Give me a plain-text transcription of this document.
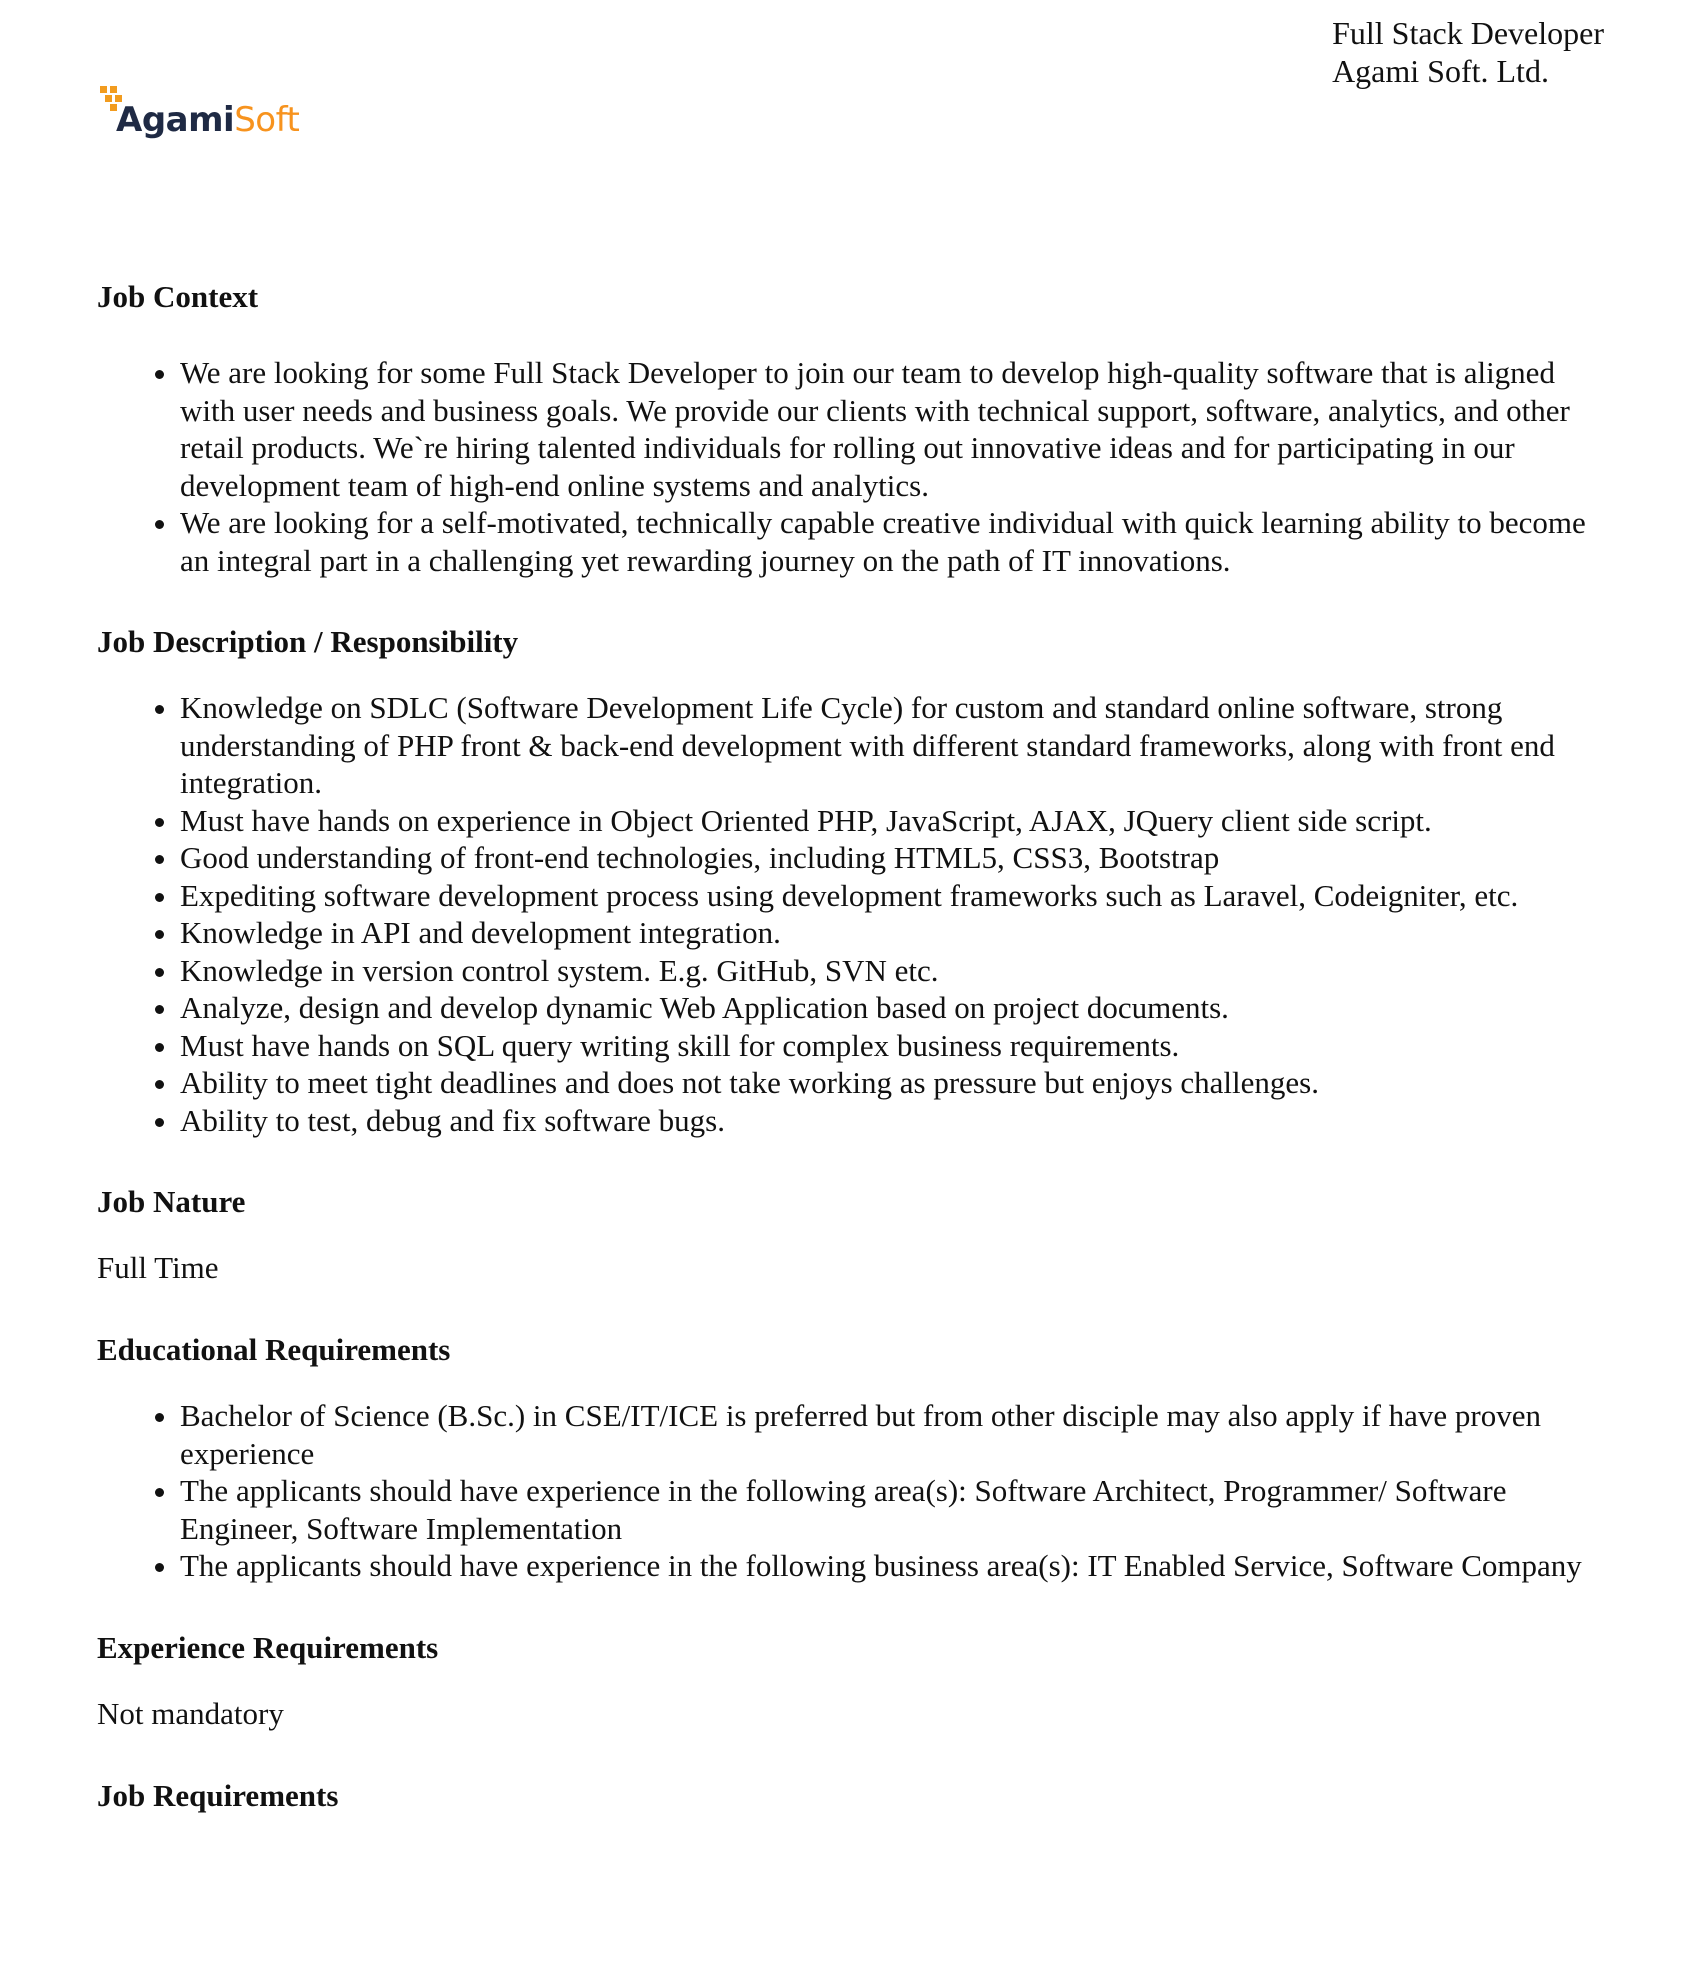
Full Stack Developer
Agami Soft. Ltd.
AgamiSoft
Job Context
• We are looking for some Full Stack Developer to join our team to develop high-quality software that is aligned with user needs and business goals. We provide our clients with technical support, software, analytics, and other retail products. We`re hiring talented individuals for rolling out innovative ideas and for participating in our development team of high-end online systems and analytics.
• We are looking for a self-motivated, technically capable creative individual with quick learning ability to become an integral part in a challenging yet rewarding journey on the path of IT innovations.
Job Description / Responsibility
• Knowledge on SDLC (Software Development Life Cycle) for custom and standard online software, strong understanding of PHP front & back-end development with different standard frameworks, along with front end integration.
• Must have hands on experience in Object Oriented PHP, JavaScript, AJAX, JQuery client side script.
• Good understanding of front-end technologies, including HTML5, CSS3, Bootstrap
• Expediting software development process using development frameworks such as Laravel, Codeigniter, etc.
• Knowledge in API and development integration.
• Knowledge in version control system. E.g. GitHub, SVN etc.
• Analyze, design and develop dynamic Web Application based on project documents.
• Must have hands on SQL query writing skill for complex business requirements.
• Ability to meet tight deadlines and does not take working as pressure but enjoys challenges.
• Ability to test, debug and fix software bugs.
Job Nature

Full Time

Educational Requirements
• Bachelor of Science (B.Sc.) in CSE/IT/ICE is preferred but from other disciple may also apply if have proven experience
• The applicants should have experience in the following area(s): Software Architect, Programmer/ Software Engineer, Software Implementation
• The applicants should have experience in the following business area(s): IT Enabled Service, Software Company
Experience Requirements

Not mandatory

Job Requirements
